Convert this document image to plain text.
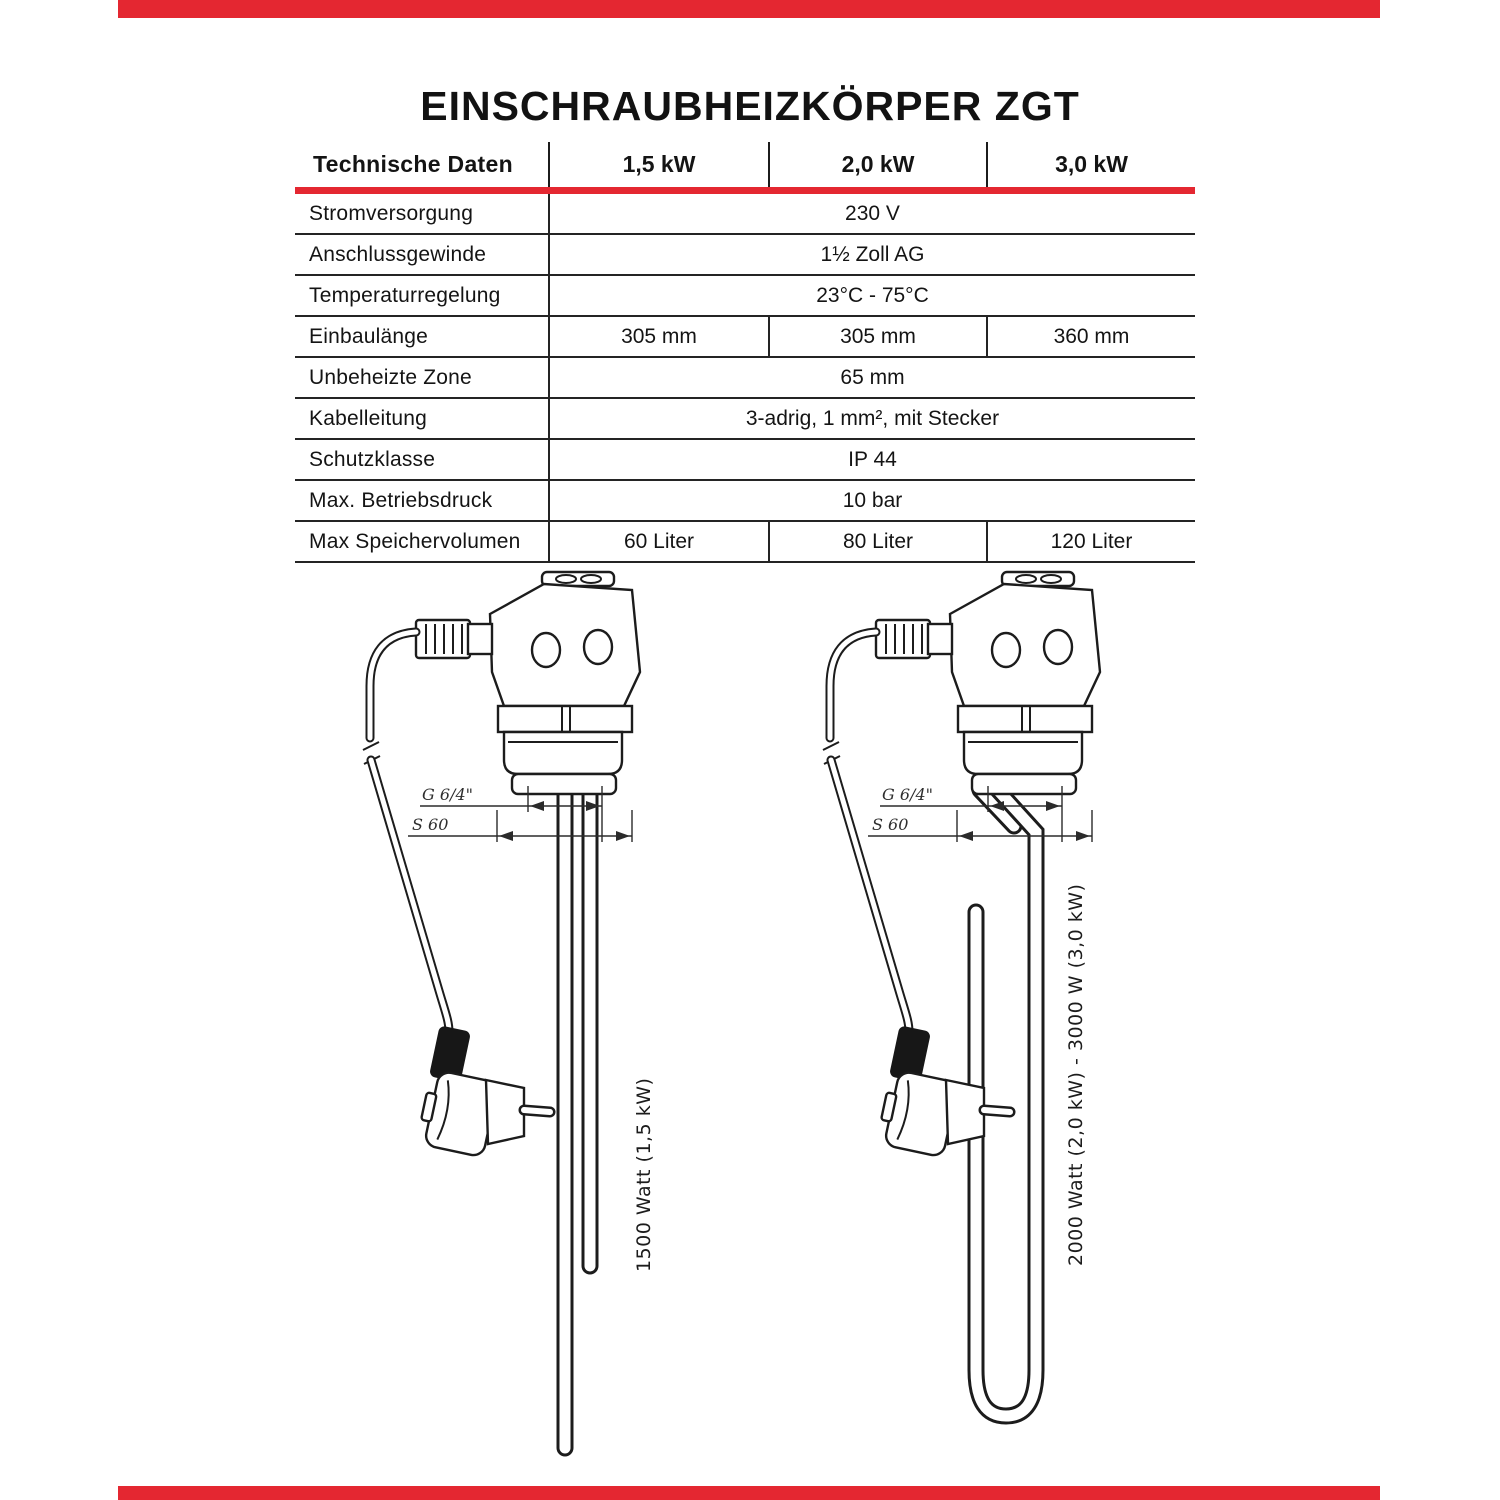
EINSCHRAUBHEIZKÖRPER ZGT
Technische Daten	1,5 kW	2,0 kW	3,0 kW
Stromversorgung	230 V
Anschlussgewinde	1½ Zoll AG
Temperaturregelung	23°C - 75°C
Einbaulänge	305 mm	305 mm	360 mm
Unbeheizte Zone	65 mm
Kabelleitung	3-adrig, 1 mm², mit Stecker
Schutzklasse	IP 44
Max. Betriebsdruck	10 bar
Max Speichervolumen	60 Liter	80 Liter	120 Liter
G 6/4"
S 60
1500 Watt (1,5 kW)
G 6/4"
S 60
2000 Watt (2,0 kW) - 3000 W (3,0 kW)
